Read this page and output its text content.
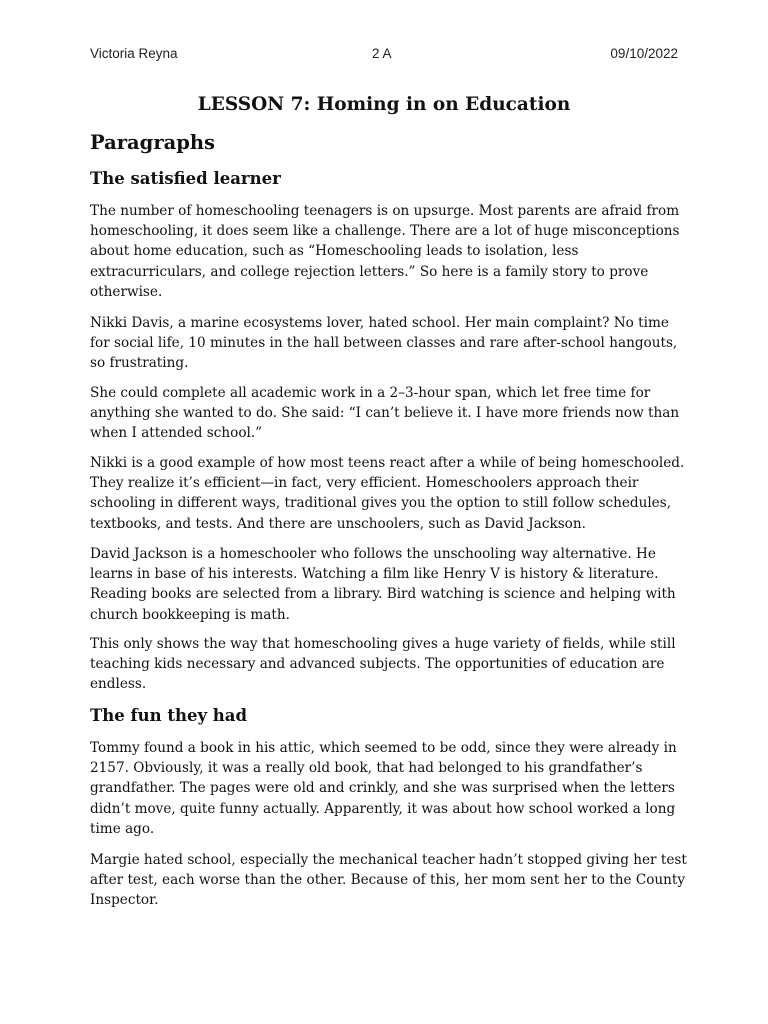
Victoria Reyna	2 A	09/10/2022
LESSON 7: Homing in on Education
Paragraphs
The satisfied learner

The number of homeschooling teenagers is on upsurge. Most parents are afraid from
homeschooling, it does seem like a challenge. There are a lot of huge misconceptions
about home education, such as “Homeschooling leads to isolation, less
extracurriculars, and college rejection letters.” So here is a family story to prove
otherwise.

Nikki Davis, a marine ecosystems lover, hated school. Her main complaint? No time
for social life, 10 minutes in the hall between classes and rare after-school hangouts,
so frustrating.

She could complete all academic work in a 2–3-hour span, which let free time for
anything she wanted to do. She said: “I can’t believe it. I have more friends now than
when I attended school.”

Nikki is a good example of how most teens react after a while of being homeschooled.
They realize it’s efficient—in fact, very efficient. Homeschoolers approach their
schooling in different ways, traditional gives you the option to still follow schedules,
textbooks, and tests. And there are unschoolers, such as David Jackson.

David Jackson is a homeschooler who follows the unschooling way alternative. He
learns in base of his interests. Watching a film like Henry V is history & literature.
Reading books are selected from a library. Bird watching is science and helping with
church bookkeeping is math.

This only shows the way that homeschooling gives a huge variety of fields, while still
teaching kids necessary and advanced subjects. The opportunities of education are
endless.

The fun they had

Tommy found a book in his attic, which seemed to be odd, since they were already in
2157. Obviously, it was a really old book, that had belonged to his grandfather’s
grandfather. The pages were old and crinkly, and she was surprised when the letters
didn’t move, quite funny actually. Apparently, it was about how school worked a long
time ago.

Margie hated school, especially the mechanical teacher hadn’t stopped giving her test
after test, each worse than the other. Because of this, her mom sent her to the County
Inspector.
